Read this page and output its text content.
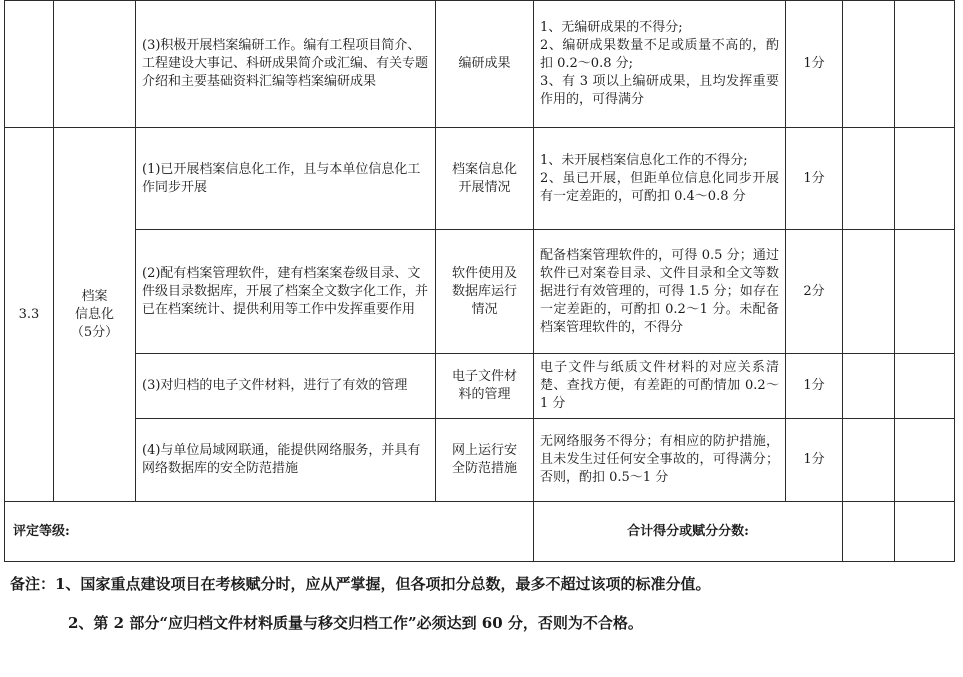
		(3)积极开展档案编研工作。编有工程项目简介、工程建设大事记、科研成果简介或汇编、有关专题介绍和主要基础资料汇编等档案编研成果	编研成果	1、无编研成果的不得分;
2、编研成果数量不足或质量不高的，酌扣 0.2～0.8 分;
3、有 3 项以上编研成果，且均发挥重要作用的，可得满分	1分		
3.3	档案
信息化
（5分）	(1)已开展档案信息化工作，且与本单位信息化工作同步开展	档案信息化
开展情况	1、未开展档案信息化工作的不得分;
2、虽已开展，但距单位信息化同步开展有一定差距的，可酌扣 0.4～0.8 分	1分		
		(2)配有档案管理软件，建有档案案卷级目录、文件级目录数据库，开展了档案全文数字化工作，并已在档案统计、提供利用等工作中发挥重要作用	软件使用及
数据库运行
情况	配备档案管理软件的，可得 0.5 分；通过软件已对案卷目录、文件目录和全文等数据进行有效管理的，可得 1.5 分；如存在一定差距的，可酌扣 0.2～1 分。未配备档案管理软件的，不得分	2分		
		(3)对归档的电子文件材料，进行了有效的管理	电子文件材
料的管理	电子文件与纸质文件材料的对应关系清楚、查找方便，有差距的可酌情加 0.2～1 分	1分		
		(4)与单位局域网联通，能提供网络服务，并具有网络数据库的安全防范措施	网上运行安
全防范措施	无网络服务不得分；有相应的防护措施，且未发生过任何安全事故的，可得满分；否则，酌扣 0.5～1 分	1分		
评定等级:				合计得分或赋分分数:			
备注：1、国家重点建设项目在考核赋分时，应从严掌握，但各项扣分总数，最多不超过该项的标准分值。
2、第 2 部分“应归档文件材料质量与移交归档工作”必须达到 60 分，否则为不合格。
